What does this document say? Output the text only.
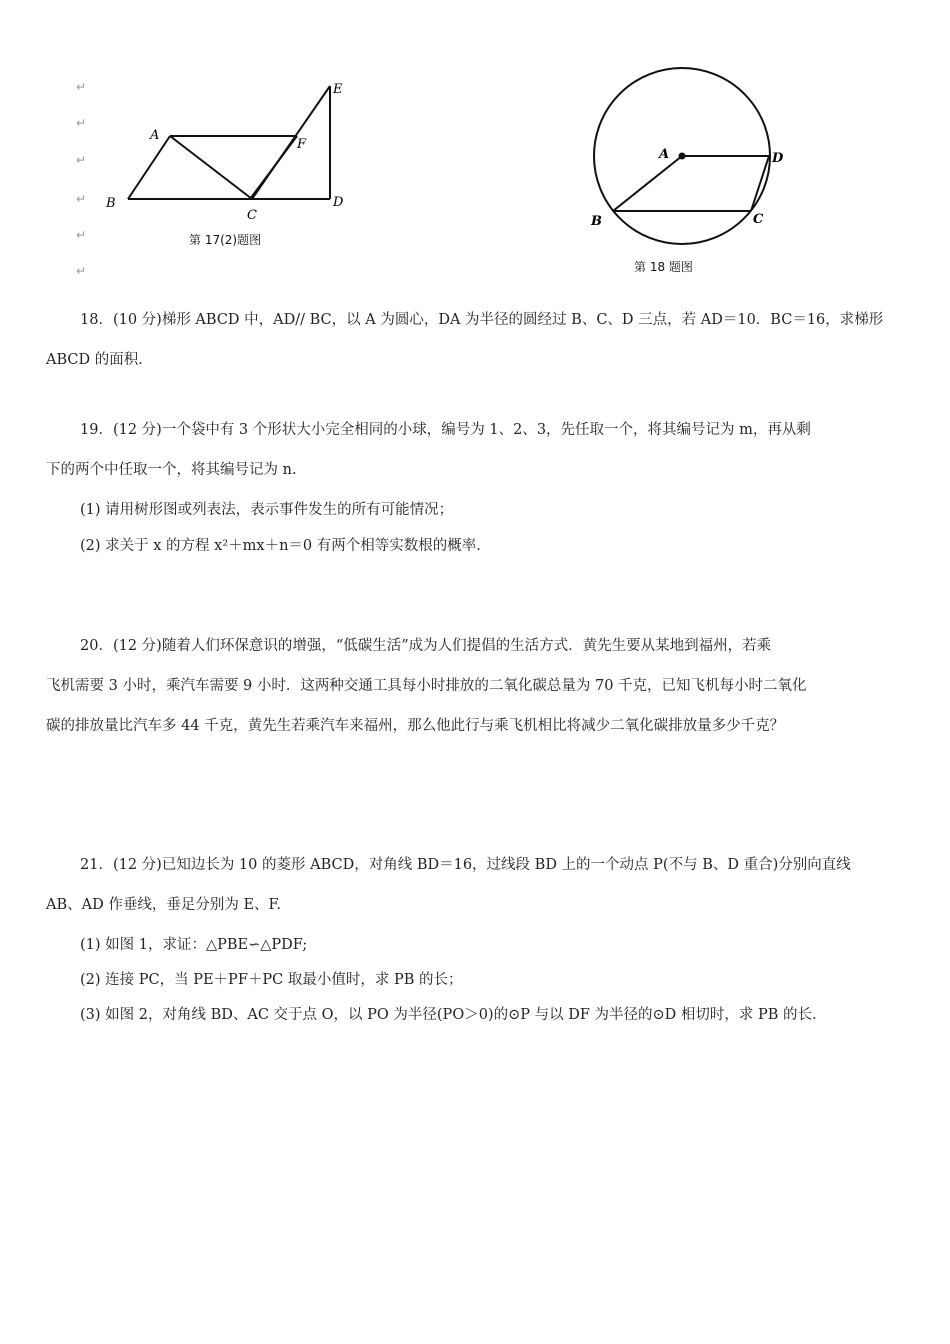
↵
↵
↵
↵
↵
↵
A
B
C
D
E
F
第 17(2)题图
A
B	C
D
第 18 题图
18．(10 分)梯形 ABCD 中，AD// BC，以 A 为圆心，DA 为半径的圆经过 B、C、D 三点，若 AD＝10．BC＝16，求梯形
ABCD 的面积．
19．(12 分)一个袋中有 3 个形状大小完全相同的小球，编号为 1、2、3，先任取一个，将其编号记为 m，再从剩
下的两个中任取一个，将其编号记为 n.
(1) 请用树形图或列表法，表示事件发生的所有可能情况；
(2) 求关于 x 的方程 x²＋mx＋n＝0 有两个相等实数根的概率.
20．(12 分)随着人们环保意识的增强，“低碳生活”成为人们提倡的生活方式．黄先生要从某地到福州，若乘
飞机需要 3 小时，乘汽车需要 9 小时．这两种交通工具每小时排放的二氧化碳总量为 70 千克，已知飞机每小时二氧化
碳的排放量比汽车多 44 千克，黄先生若乘汽车来福州，那么他此行与乘飞机相比将减少二氧化碳排放量多少千克？
21．(12 分)已知边长为 10 的菱形 ABCD，对角线 BD＝16，过线段 BD 上的一个动点 P(不与 B、D 重合)分别向直线
AB、AD 作垂线，垂足分别为 E、F.
(1) 如图 1，求证：△PBE∽△PDF;
(2) 连接 PC，当 PE＋PF＋PC 取最小值时，求 PB 的长；
(3) 如图 2，对角线 BD、AC 交于点 O，以 PO 为半径(PO＞0)的⊙P 与以 DF 为半径的⊙D 相切时，求 PB 的长.
